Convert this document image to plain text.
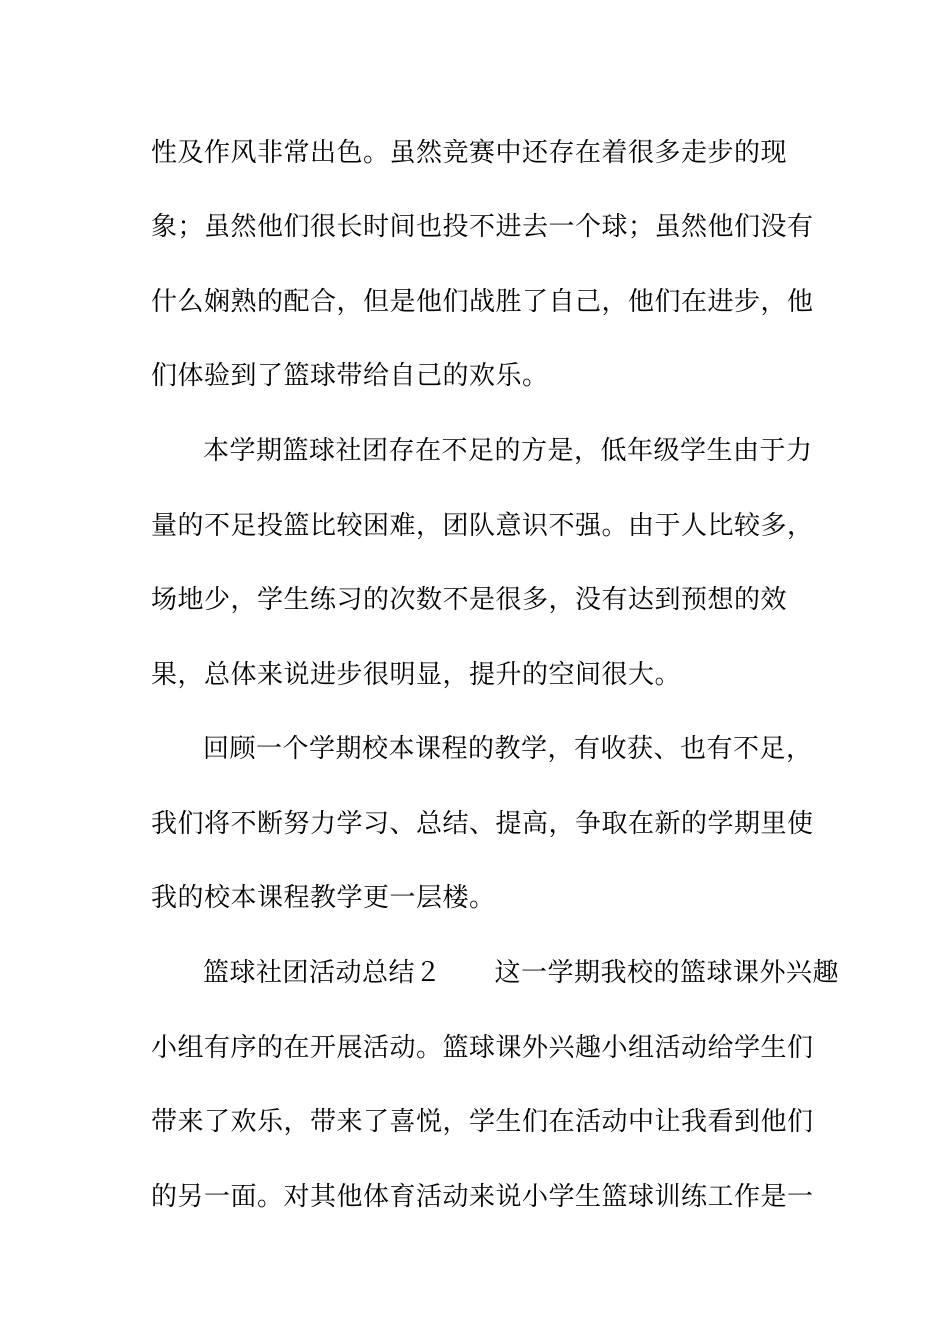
性及作风非常出色。虽然竞赛中还存在着很多走步的现
象；虽然他们很长时间也投不进去一个球；虽然他们没有
什么娴熟的配合，但是他们战胜了自己，他们在进步，他
们体验到了篮球带给自己的欢乐。
本学期篮球社团存在不足的方是，低年级学生由于力
量的不足投篮比较困难，团队意识不强。由于人比较多，
场地少，学生练习的次数不是很多，没有达到预想的效
果，总体来说进步很明显，提升的空间很大。
回顾一个学期校本课程的教学，有收获、也有不足，
我们将不断努力学习、总结、提高，争取在新的学期里使
我的校本课程教学更一层楼。
篮球社团活动总结２　　这一学期我校的篮球课外兴趣
小组有序的在开展活动。篮球课外兴趣小组活动给学生们
带来了欢乐，带来了喜悦，学生们在活动中让我看到他们
的另一面。对其他体育活动来说小学生篮球训练工作是一
